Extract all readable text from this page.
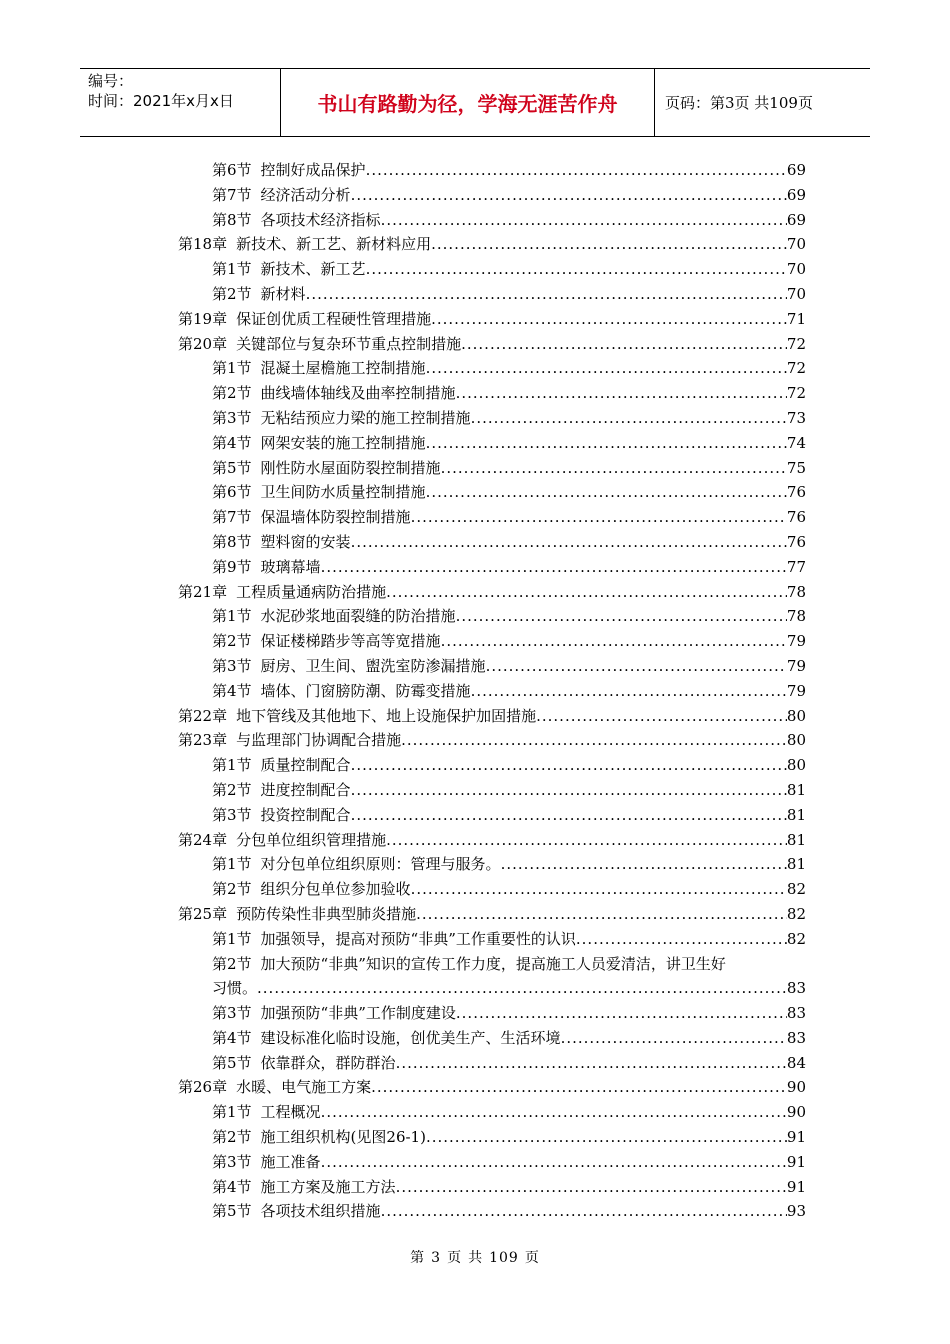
编号：
时间：2021年x月x日	书山有路勤为径，学海无涯苦作舟	页码：第3页 共109页
第6节 控制好成品保护 .....	69
第7节 经济活动分析 .....	69
第8节 各项技术经济指标 .....	69
第18章 新技术、新工艺、新材料应用 .....	70
第1节 新技术、新工艺 .....	70
第2节 新材料 .....	70
第19章 保证创优质工程硬性管理措施 .....	71
第20章 关键部位与复杂环节重点控制措施 .....	72
第1节 混凝土屋檐施工控制措施 .....	72
第2节 曲线墙体轴线及曲率控制措施 .....	72
第3节 无粘结预应力梁的施工控制措施 .....	73
第4节 网架安装的施工控制措施 .....	74
第5节 刚性防水屋面防裂控制措施 .....	75
第6节 卫生间防水质量控制措施 .....	76
第7节 保温墙体防裂控制措施 .....	76
第8节 塑料窗的安装 .....	76
第9节 玻璃幕墙 .....	77
第21章 工程质量通病防治措施 .....	78
第1节 水泥砂浆地面裂缝的防治措施 .....	78
第2节 保证楼梯踏步等高等宽措施 .....	79
第3节 厨房、卫生间、盥洗室防渗漏措施 .....	79
第4节 墙体、门窗膀防潮、防霉变措施 .....	79
第22章 地下管线及其他地下、地上设施保护加固措施 .....	80
第23章 与监理部门协调配合措施 .....	80
第1节 质量控制配合 .....	80
第2节 进度控制配合 .....	81
第3节 投资控制配合 .....	81
第24章 分包单位组织管理措施 .....	81
第1节 对分包单位组织原则：管理与服务。 .....	81
第2节 组织分包单位参加验收 .....	82
第25章 预防传染性非典型肺炎措施 .....	82
第1节 加强领导，提高对预防“非典”工作重要性的认识 .....	82
第2节 加大预防“非典”知识的宣传工作力度，提高施工人员爱清洁，讲卫生好
习惯。 .....	83
第3节 加强预防“非典”工作制度建设 .....	83
第4节 建设标准化临时设施，创优美生产、生活环境 .....	83
第5节 依靠群众，群防群治 .....	84
第26章 水暖、电气施工方案 .....	90
第1节 工程概况 .....	90
第2节 施工组织机构(见图26-1) .....	91
第3节 施工准备 .....	91
第4节 施工方案及施工方法 .....	91
第5节 各项技术组织措施 .....	93
第 3 页 共 109 页
